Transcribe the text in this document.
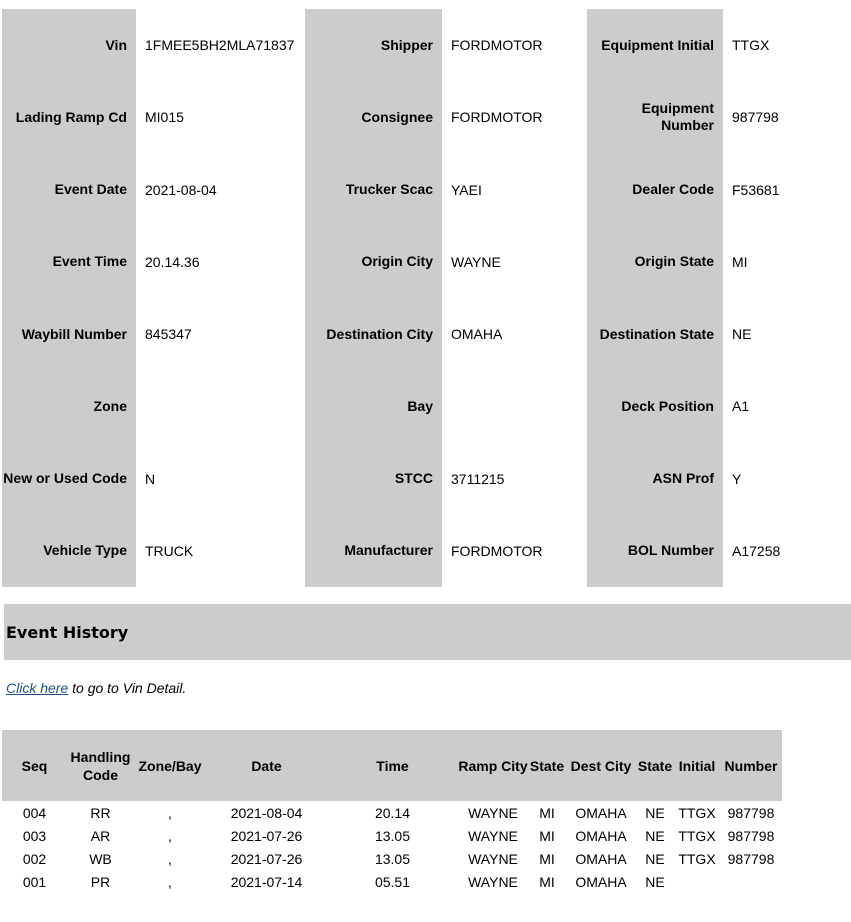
Vin	1FMEE5BH2MLA71837	Shipper	FORDMOTOR	Equipment Initial	TTGX
Lading Ramp Cd	MI015	Consignee	FORDMOTOR	Equipment Number	987798
Event Date	2021-08-04	Trucker Scac	YAEI	Dealer Code	F53681
Event Time	20.14.36	Origin City	WAYNE	Origin State	MI
Waybill Number	845347	Destination City	OMAHA	Destination State	NE
Zone		Bay		Deck Position	A1
New or Used Code	N	STCC	3711215	ASN Prof	Y
Vehicle Type	TRUCK	Manufacturer	FORDMOTOR	BOL Number	A17258
Event History
Click here to go to Vin Detail.
Seq	Handling Code	Zone/Bay	Date	Time	Ramp City	State	Dest City	State	Initial	Number
004	RR	,	2021-08-04	20.14	WAYNE	MI	OMAHA	NE	TTGX	987798
003	AR	,	2021-07-26	13.05	WAYNE	MI	OMAHA	NE	TTGX	987798
002	WB	,	2021-07-26	13.05	WAYNE	MI	OMAHA	NE	TTGX	987798
001	PR	,	2021-07-14	05.51	WAYNE	MI	OMAHA	NE		
